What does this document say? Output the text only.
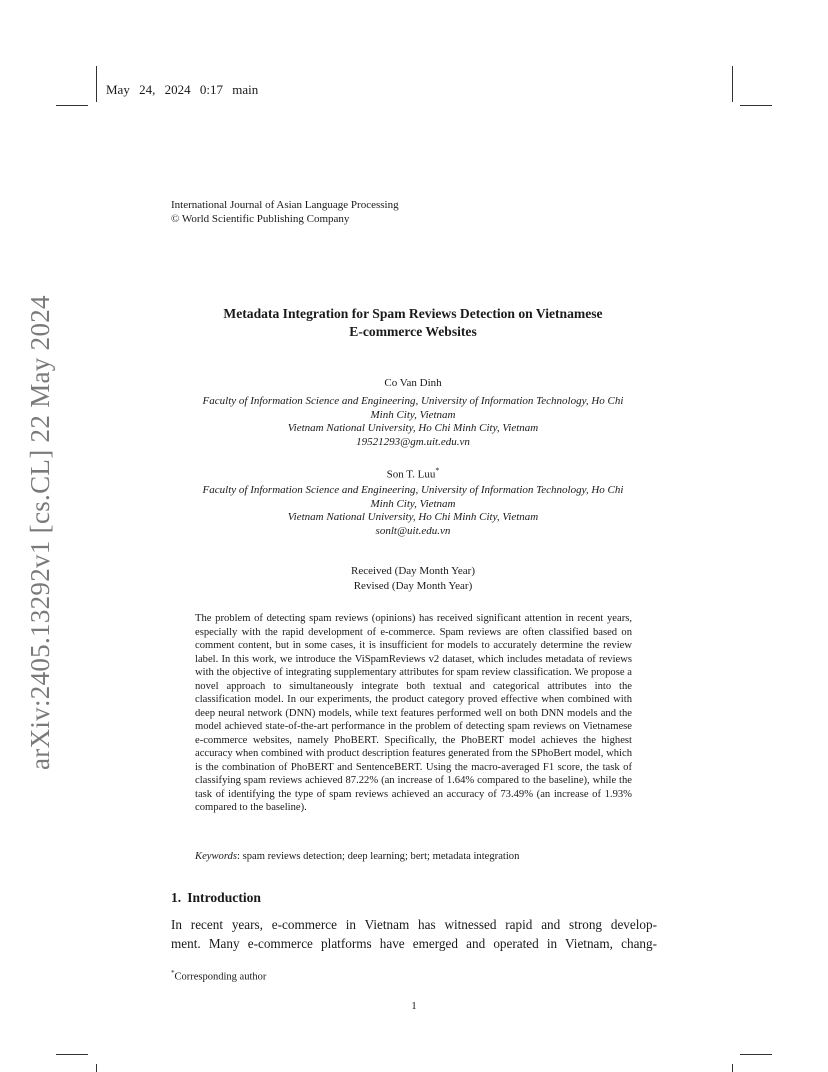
May 24, 2024 0:17 main
International Journal of Asian Language Processing
© World Scientific Publishing Company
arXiv:2405.13292v1 [cs.CL] 22 May 2024	Metadata Integration for Spam Reviews Detection on Vietnamese
E-commerce Websites
Co Van Dinh
Faculty of Information Science and Engineering, University of Information Technology, Ho Chi
Minh City, Vietnam
Vietnam National University, Ho Chi Minh City, Vietnam
19521293@gm.uit.edu.vn
Son T. Luu*
Faculty of Information Science and Engineering, University of Information Technology, Ho Chi
Minh City, Vietnam
Vietnam National University, Ho Chi Minh City, Vietnam
sonlt@uit.edu.vn
Received (Day Month Year)
Revised (Day Month Year)
The problem of detecting spam reviews (opinions) has received significant attention in recent years, especially with the rapid development of e-commerce. Spam reviews are often classified based on comment content, but in some cases, it is insufficient for models to accurately determine the review label. In this work, we introduce the ViSpamReviews v2 dataset, which includes metadata of reviews with the objective of integrating supplementary attributes for spam review classification. We propose a novel approach to simultaneously integrate both textual and categorical attributes into the classification model. In our experiments, the product category proved effective when combined with deep neural network (DNN) models, while text features performed well on both DNN models and the model achieved state-of-the-art performance in the problem of detecting spam reviews on Vietnamese e-commerce websites, namely PhoBERT. Specifically, the PhoBERT model achieves the highest accuracy when combined with product description features generated from the SPhoBert model, which is the combination of PhoBERT and SentenceBERT. Using the macro-averaged F1 score, the task of classifying spam reviews achieved 87.22% (an increase of 1.64% compared to the baseline), while the task of identifying the type of spam reviews achieved an accuracy of 73.49% (an increase of 1.93% compared to the baseline).
Keywords: spam reviews detection; deep learning; bert; metadata integration
1. Introduction
In recent years, e-commerce in Vietnam has witnessed rapid and strong develop-
ment. Many e-commerce platforms have emerged and operated in Vietnam, chang-
*Corresponding author
1
